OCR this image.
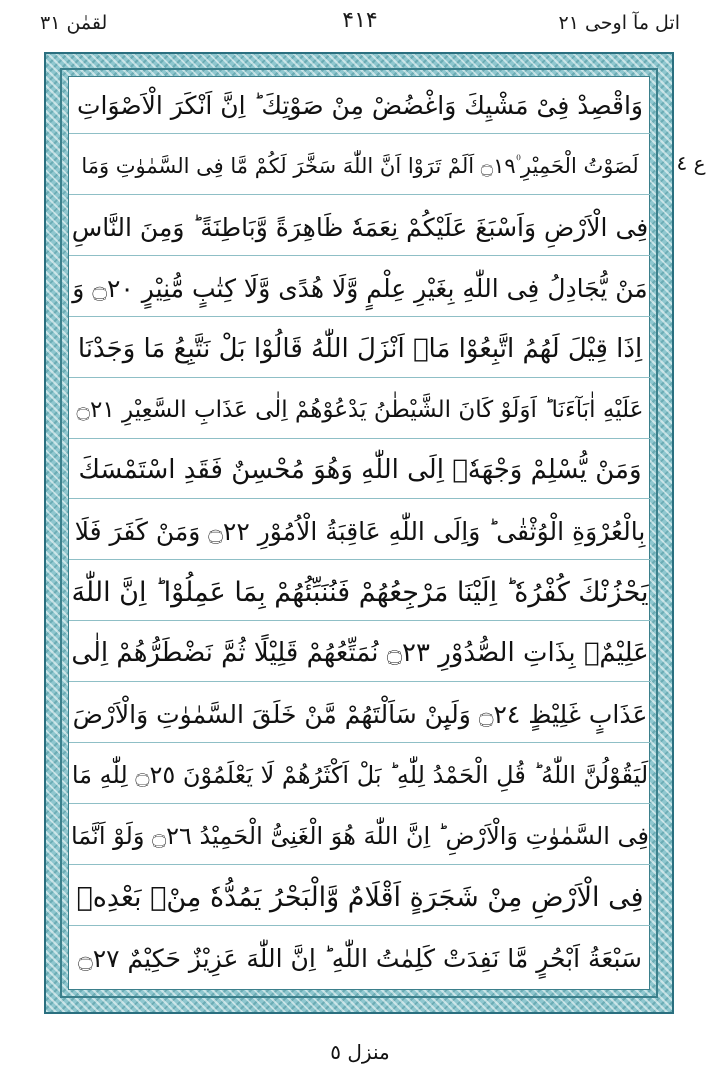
لقمٰن ٣١	۴۱۴	اتل مآ اوحی ٢١
وَاقْصِدْ فِیْ مَشْیِكَ وَاغْضُضْ مِنْ صَوْتِكَ ؕ اِنَّ اَنْكَرَ الْاَصْوَاتِ
لَصَوْتُ الْحَمِیْرِ ۠۝١٩ اَلَمْ تَرَوْا اَنَّ اللّٰهَ سَخَّرَ لَكُمْ مَّا فِی السَّمٰوٰتِ وَمَا
فِی الْاَرْضِ وَاَسْبَغَ عَلَیْكُمْ نِعَمَهٗ ظَاهِرَةً وَّبَاطِنَةً ؕ وَمِنَ النَّاسِ
مَنْ یُّجَادِلُ فِی اللّٰهِ بِغَیْرِ عِلْمٍ وَّلَا هُدًی وَّلَا كِتٰبٍ مُّنِیْرٍ ۝٢٠ وَ
اِذَا قِیْلَ لَهُمُ اتَّبِعُوْا مَاۤ اَنْزَلَ اللّٰهُ قَالُوْا بَلْ نَتَّبِعُ مَا وَجَدْنَا
عَلَیْهِ اٰبَآءَنَا ؕ اَوَلَوْ كَانَ الشَّیْطٰنُ یَدْعُوْهُمْ اِلٰی عَذَابِ السَّعِیْرِ ۝٢١
وَمَنْ یُّسْلِمْ وَجْهَهٗۤ اِلَی اللّٰهِ وَهُوَ مُحْسِنٌ فَقَدِ اسْتَمْسَكَ
بِالْعُرْوَةِ الْوُثْقٰی ؕ وَاِلَی اللّٰهِ عَاقِبَةُ الْاُمُوْرِ ۝٢٢ وَمَنْ كَفَرَ فَلَا
یَحْزُنْكَ كُفْرُهٗ ؕ اِلَیْنَا مَرْجِعُهُمْ فَنُنَبِّئُهُمْ بِمَا عَمِلُوْا ؕ اِنَّ اللّٰهَ
عَلِیْمٌۢ بِذَاتِ الصُّدُوْرِ ۝٢٣ نُمَتِّعُهُمْ قَلِیْلًا ثُمَّ نَضْطَرُّهُمْ اِلٰی
عَذَابٍ غَلِیْظٍ ۝٢٤ وَلَىِٕنْ سَاَلْتَهُمْ مَّنْ خَلَقَ السَّمٰوٰتِ وَالْاَرْضَ
لَیَقُوْلُنَّ اللّٰهُ ؕ قُلِ الْحَمْدُ لِلّٰهِ ؕ بَلْ اَكْثَرُهُمْ لَا یَعْلَمُوْنَ ۝٢٥ لِلّٰهِ مَا
فِی السَّمٰوٰتِ وَالْاَرْضِ ؕ اِنَّ اللّٰهَ هُوَ الْغَنِیُّ الْحَمِیْدُ ۝٢٦ وَلَوْ اَنَّمَا
فِی الْاَرْضِ مِنْ شَجَرَةٍ اَقْلَامٌ وَّالْبَحْرُ یَمُدُّهٗ مِنْۢ بَعْدِهٖ
سَبْعَةُ اَبْحُرٍ مَّا نَفِدَتْ كَلِمٰتُ اللّٰهِ ؕ اِنَّ اللّٰهَ عَزِیْزٌ حَكِیْمٌ ۝٢٧
ع ٤
منزل ٥
